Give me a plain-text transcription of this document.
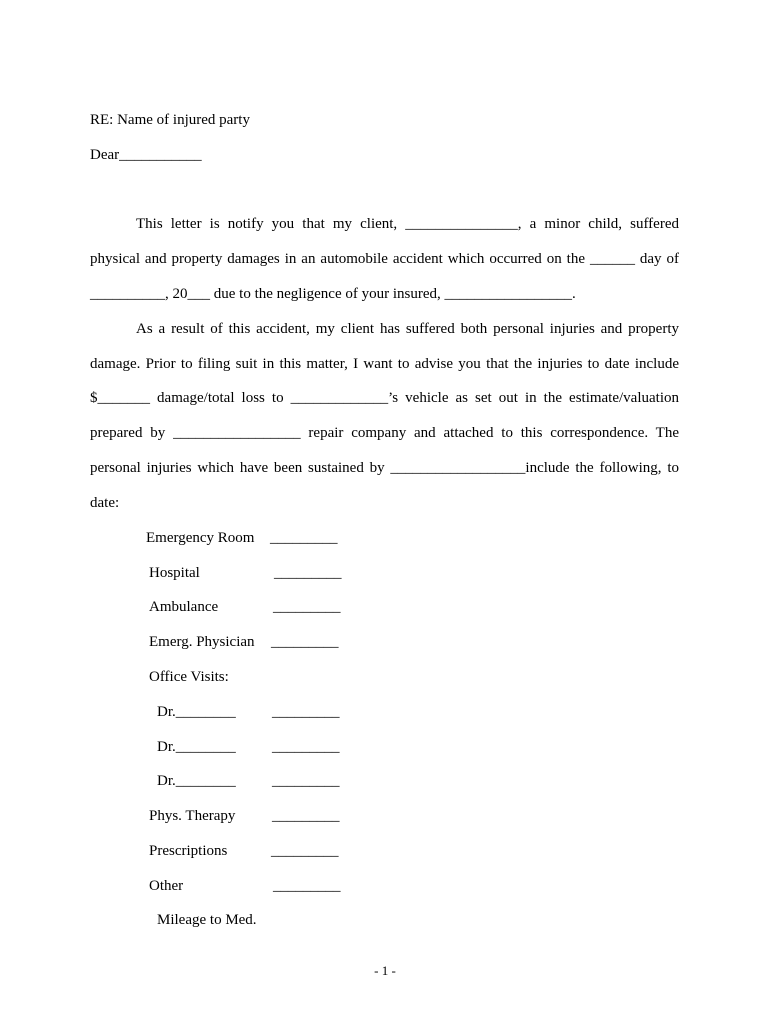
RE: Name of injured party
Dear___________
This letter is notify you that my client, _______________, a minor child, suffered
physical and property damages in an automobile accident which occurred on the ______ day of
__________, 20___ due to the negligence of your insured, _________________.
As a result of this accident, my client has suffered both personal injuries and property
damage. Prior to filing suit in this matter, I want to advise you that the injuries to date include
$_______ damage/total loss to _____________’s vehicle as set out in the estimate/valuation
prepared by _________________ repair company and attached to this correspondence. The
personal injuries which have been sustained by __________________include the following, to
date:
Emergency Room _________
Hospital	_________
Ambulance	_________
Emerg. Physician _________
Office Visits:
Dr.________ _________
Dr.________ _________
Dr.________ _________
Phys. Therapy _________
Prescriptions	_________
Other	_________
Mileage to Med.
- 1 -
